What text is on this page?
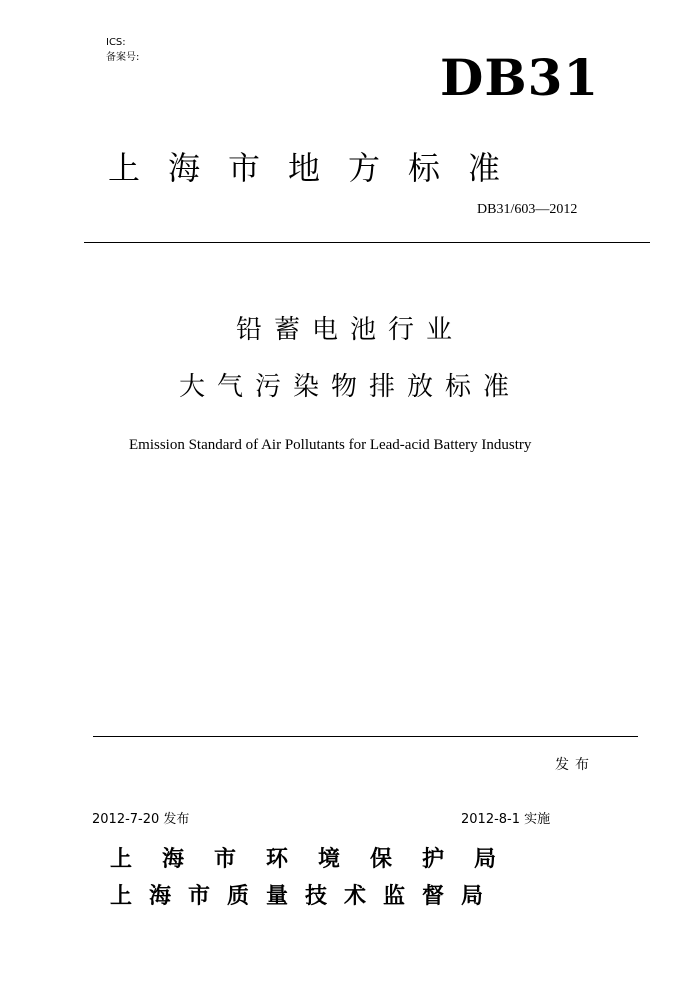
ICS:
备案号:	DB31
上海市地方标准
DB31/603—2012
铅蓄电池行业
大气污染物排放标准
Emission Standard of Air Pollutants for Lead-acid Battery Industry
发布
2012-7-20 发布	2012-8-1 实施
上海市环境保护局
上海市质量技术监督局
